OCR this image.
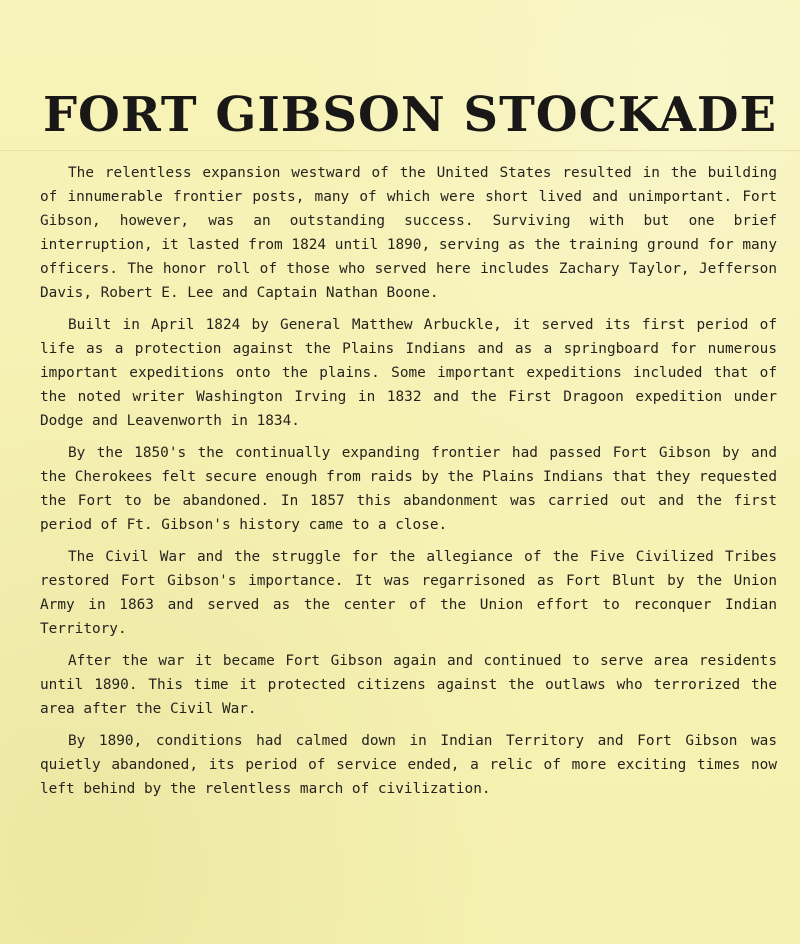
FORT GIBSON STOCKADE

The relentless expansion westward of the United States resulted in the building of innumerable frontier posts, many of which were short lived and unimportant. Fort Gibson, however, was an outstanding success. Surviving with but one brief interruption, it lasted from 1824 until 1890, serving as the training ground for many officers. The honor roll of those who served here includes Zachary Taylor, Jefferson Davis, Robert E. Lee and Captain Nathan Boone.

Built in April 1824 by General Matthew Arbuckle, it served its first period of life as a protection against the Plains Indians and as a springboard for numerous important expeditions onto the plains. Some important expeditions included that of the noted writer Washington Irving in 1832 and the First Dragoon expedition under Dodge and Leavenworth in 1834.

By the 1850's the continually expanding frontier had passed Fort Gibson by and the Cherokees felt secure enough from raids by the Plains Indians that they requested the Fort to be abandoned. In 1857 this abandonment was carried out and the first period of Ft. Gibson's history came to a close.

The Civil War and the struggle for the allegiance of the Five Civilized Tribes restored Fort Gibson's importance. It was regarrisoned as Fort Blunt by the Union Army in 1863 and served as the center of the Union effort to reconquer Indian Territory.

After the war it became Fort Gibson again and continued to serve area residents until 1890. This time it protected citizens against the outlaws who terrorized the area after the Civil War.

By 1890, conditions had calmed down in Indian Territory and Fort Gibson was quietly abandoned, its period of service ended, a relic of more exciting times now left behind by the relentless march of civilization.
